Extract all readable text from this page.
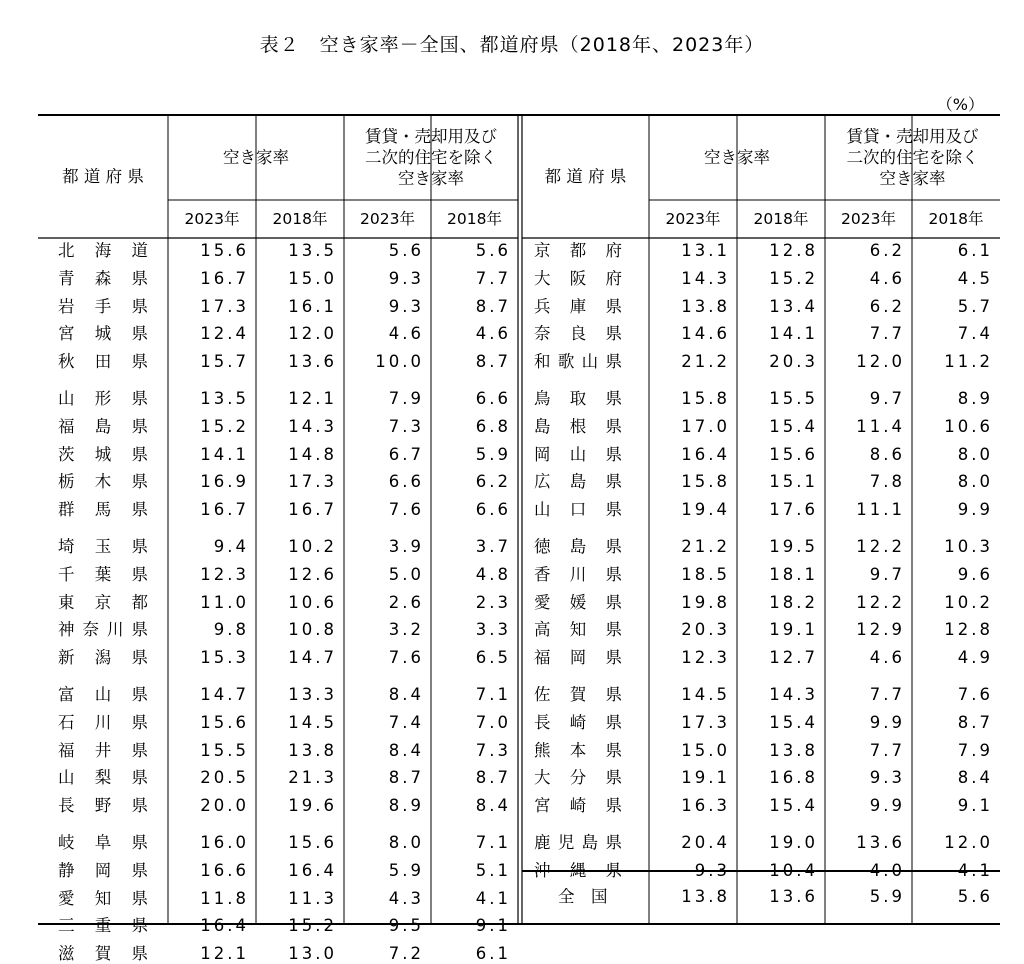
表２　空き家率－全国、都道府県（2018年、2023年）
（%）
都 道 府 県
空き家率
賃貸・売却用及び
二次的住宅を除く
空き家率
2023年	2018年	2023年	2018年
都 道 府 県
空き家率
賃貸・売却用及び
二次的住宅を除く
空き家率
2023年	2018年	2023年	2018年
北海道	15.6	13.5	5.6	5.6
青森県	16.7	15.0	9.3	7.7
岩手県	17.3	16.1	9.3	8.7
宮城県	12.4	12.0	4.6	4.6
秋田県	15.7	13.6	10.0	8.7
山形県	13.5	12.1	7.9	6.6
福島県	15.2	14.3	7.3	6.8
茨城県	14.1	14.8	6.7	5.9
栃木県	16.9	17.3	6.6	6.2
群馬県	16.7	16.7	7.6	6.6
埼玉県	9.4	10.2	3.9	3.7
千葉県	12.3	12.6	5.0	4.8
東京都	11.0	10.6	2.6	2.3
神奈川県	9.8	10.8	3.2	3.3
新潟県	15.3	14.7	7.6	6.5
富山県	14.7	13.3	8.4	7.1
石川県	15.6	14.5	7.4	7.0
福井県	15.5	13.8	8.4	7.3
山梨県	20.5	21.3	8.7	8.7
長野県	20.0	19.6	8.9	8.4
岐阜県	16.0	15.6	8.0	7.1
静岡県	16.6	16.4	5.9	5.1
愛知県	11.8	11.3	4.3	4.1
三重県	16.4	15.2	9.5	9.1
滋賀県	12.1	13.0	7.2	6.1
京都府	13.1	12.8	6.2	6.1
大阪府	14.3	15.2	4.6	4.5
兵庫県	13.8	13.4	6.2	5.7
奈良県	14.6	14.1	7.7	7.4
和歌山県	21.2	20.3	12.0	11.2
鳥取県	15.8	15.5	9.7	8.9
島根県	17.0	15.4	11.4	10.6
岡山県	16.4	15.6	8.6	8.0
広島県	15.8	15.1	7.8	8.0
山口県	19.4	17.6	11.1	9.9
徳島県	21.2	19.5	12.2	10.3
香川県	18.5	18.1	9.7	9.6
愛媛県	19.8	18.2	12.2	10.2
高知県	20.3	19.1	12.9	12.8
福岡県	12.3	12.7	4.6	4.9
佐賀県	14.5	14.3	7.7	7.6
長崎県	17.3	15.4	9.9	8.7
熊本県	15.0	13.8	7.7	7.9
大分県	19.1	16.8	9.3	8.4
宮崎県	16.3	15.4	9.9	9.1
鹿児島県	20.4	19.0	13.6	12.0
沖縄県	9.3	10.4	4.0	4.1
全　国	13.8	13.6	5.9	5.6
